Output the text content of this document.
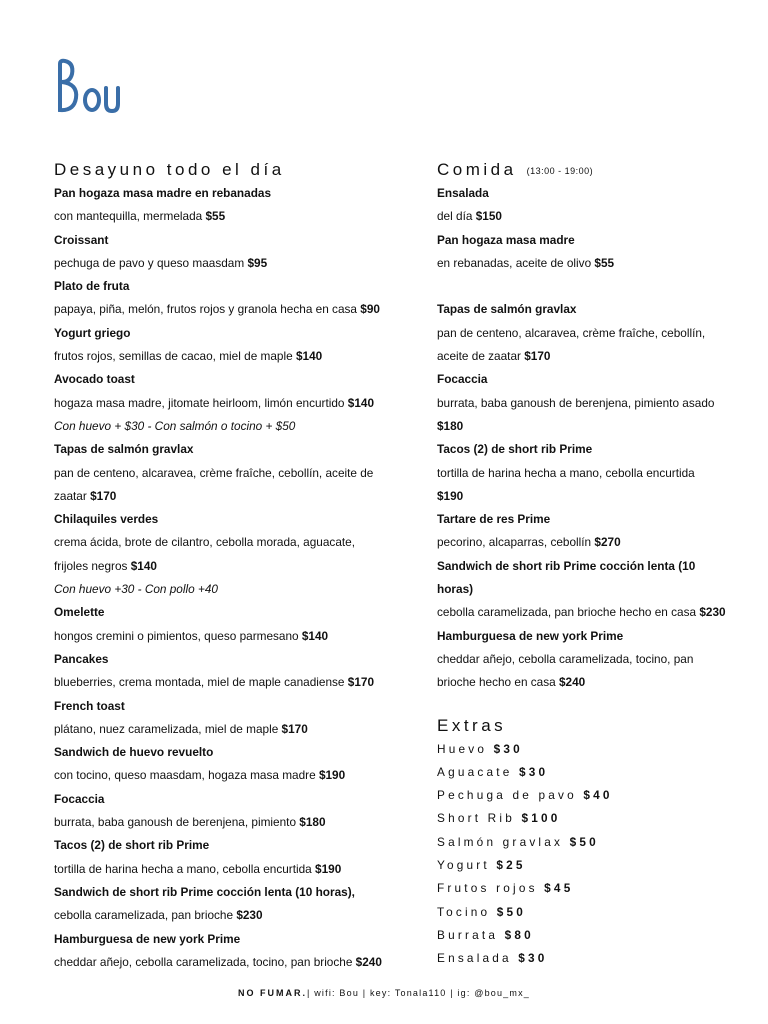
Desayuno todo el día
Pan hogaza masa madre en rebanadas
con mantequilla, mermelada $55
Croissant
pechuga de pavo y queso maasdam $95
Plato de fruta
papaya, piña, melón, frutos rojos y granola hecha en casa $90
Yogurt griego
frutos rojos, semillas de cacao, miel de maple $140
Avocado toast
hogaza masa madre, jitomate heirloom, limón encurtido $140
Con huevo + $30 - Con salmón o tocino + $50
Tapas de salmón gravlax
pan de centeno, alcaravea, crème fraîche, cebollín, aceite de
zaatar $170
Chilaquiles verdes
crema ácida, brote de cilantro, cebolla morada, aguacate,
frijoles negros $140
Con huevo +30 - Con pollo +40
Omelette
hongos cremini o pimientos, queso parmesano $140
Pancakes
blueberries, crema montada, miel de maple canadiense $170
French toast
plátano, nuez caramelizada, miel de maple $170
Sandwich de huevo revuelto
con tocino, queso maasdam, hogaza masa madre $190
Focaccia
burrata, baba ganoush de berenjena, pimiento $180
Tacos (2) de short rib Prime
tortilla de harina hecha a mano, cebolla encurtida $190
Sandwich de short rib Prime cocción lenta (10 horas),
cebolla caramelizada, pan brioche $230
Hamburguesa de new york Prime
cheddar añejo, cebolla caramelizada, tocino, pan brioche $240
Comida (13:00 - 19:00)
Ensalada
del día $150
Pan hogaza masa madre
en rebanadas, aceite de olivo $55
Tapas de salmón gravlax
pan de centeno, alcaravea, crème fraîche, cebollín,
aceite de zaatar $170
Focaccia
burrata, baba ganoush de berenjena, pimiento asado
$180
Tacos (2) de short rib Prime
tortilla de harina hecha a mano, cebolla encurtida
$190
Tartare de res Prime
pecorino, alcaparras, cebollín $270
Sandwich de short rib Prime cocción lenta (10
horas)
cebolla caramelizada, pan brioche hecho en casa $230
Hamburguesa de new york Prime
cheddar añejo, cebolla caramelizada, tocino, pan
brioche hecho en casa $240
Extras
Huevo $30
Aguacate $30
Pechuga de pavo $40
Short Rib $100
Salmón gravlax $50
Yogurt $25
Frutos rojos $45
Tocino $50
Burrata $80
Ensalada $30
NO FUMAR.| wifi: Bou | key: Tonala110 | ig: @bou_mx_
